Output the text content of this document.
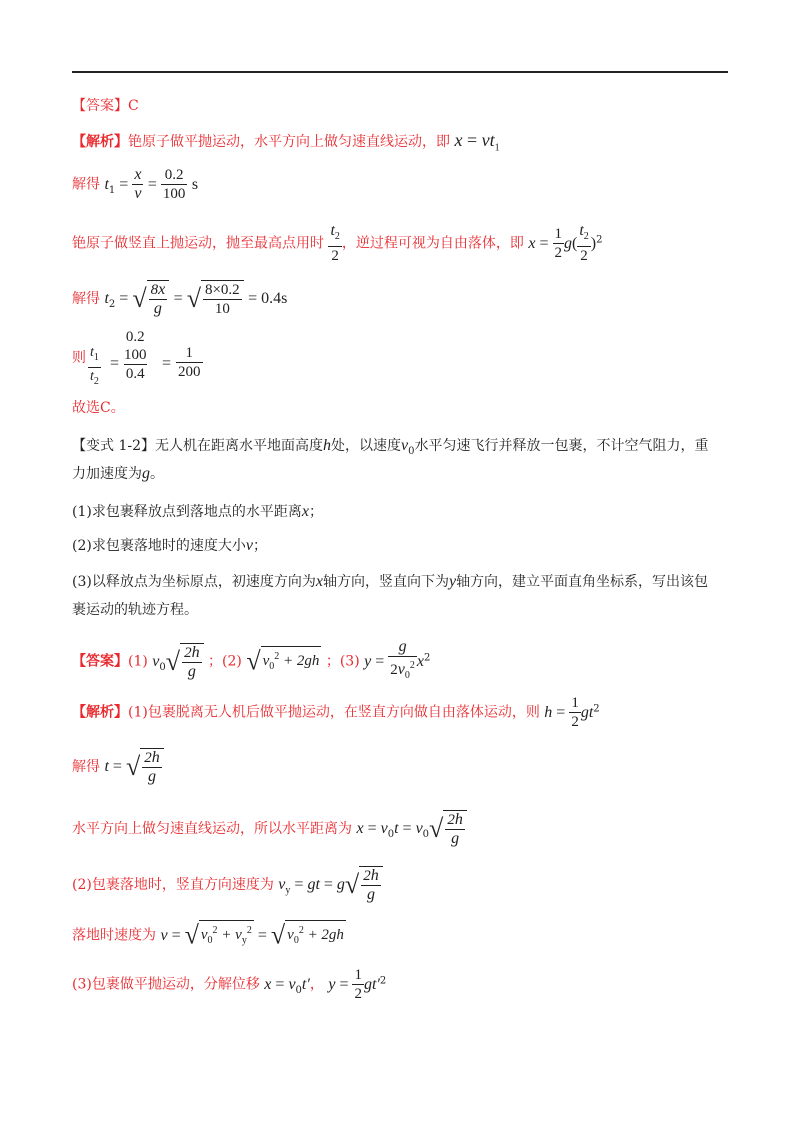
【答案】C
【解析】铯原子做平抛运动，水平方向上做匀速直线运动，即 $x = vt_1$
解得 $t_1 = \frac{x}{v} = \frac{0.2}{100}$ s
铯原子做竖直上抛运动，抛至最高点用时 $\frac{t_2}{2}$ ，逆过程可视为自由落体，即 $x = \frac{1}{2} g( \frac{t_2}{2} )^2$
解得 $t_2$ = √ $\frac{8x}{g}$ = √ $\frac{8\times 0.2}{10} = 0.4s$
则 $\frac{t_1}{t_2}$ =
0.2
100
0.4
= $\frac{1}{200}$
故选C。
【变式 1-2】无人机在距离水平地面高度h处，以速度$v_0$水平匀速飞行并释放一包裹，不计空气阻力，重
力加速度为g。
(1)求包裹释放点到落地点的水平距离x；
(2)求包裹落地时的速度大小v；
(3)以释放点为坐标原点，初速度方向为x轴方向，竖直向下为y轴方向，建立平面直角坐标系，写出该包
裹运动的轨迹方程。
【答案】(1) $v_0√ \frac{2h}{g}$ ；(2) √ $v_0^2 + 2gh$ ；(3) $y = \frac{g}{2v_0^2} x^2$
【解析】(1)包裹脱离无人机后做平抛运动，在竖直方向做自由落体运动，则 $h = \frac{1}{2} gt^2$
解得 t = √ $\frac{2h}{g}$
水平方向上做匀速直线运动，所以水平距离为 $x = v_0t = v_0√ \frac{2h}{g}$
(2)包裹落地时，竖直方向速度为 $v_y$ = gt = $g√ \frac{2h}{g}$
落地时速度为 v = √ $v_0^2 + v_y^2$ = √ $v_0^2 + 2gh$
(3)包裹做平抛运动，分解位移 $x = v_0t'$， $y = \frac{1}{2} gt'^2$
